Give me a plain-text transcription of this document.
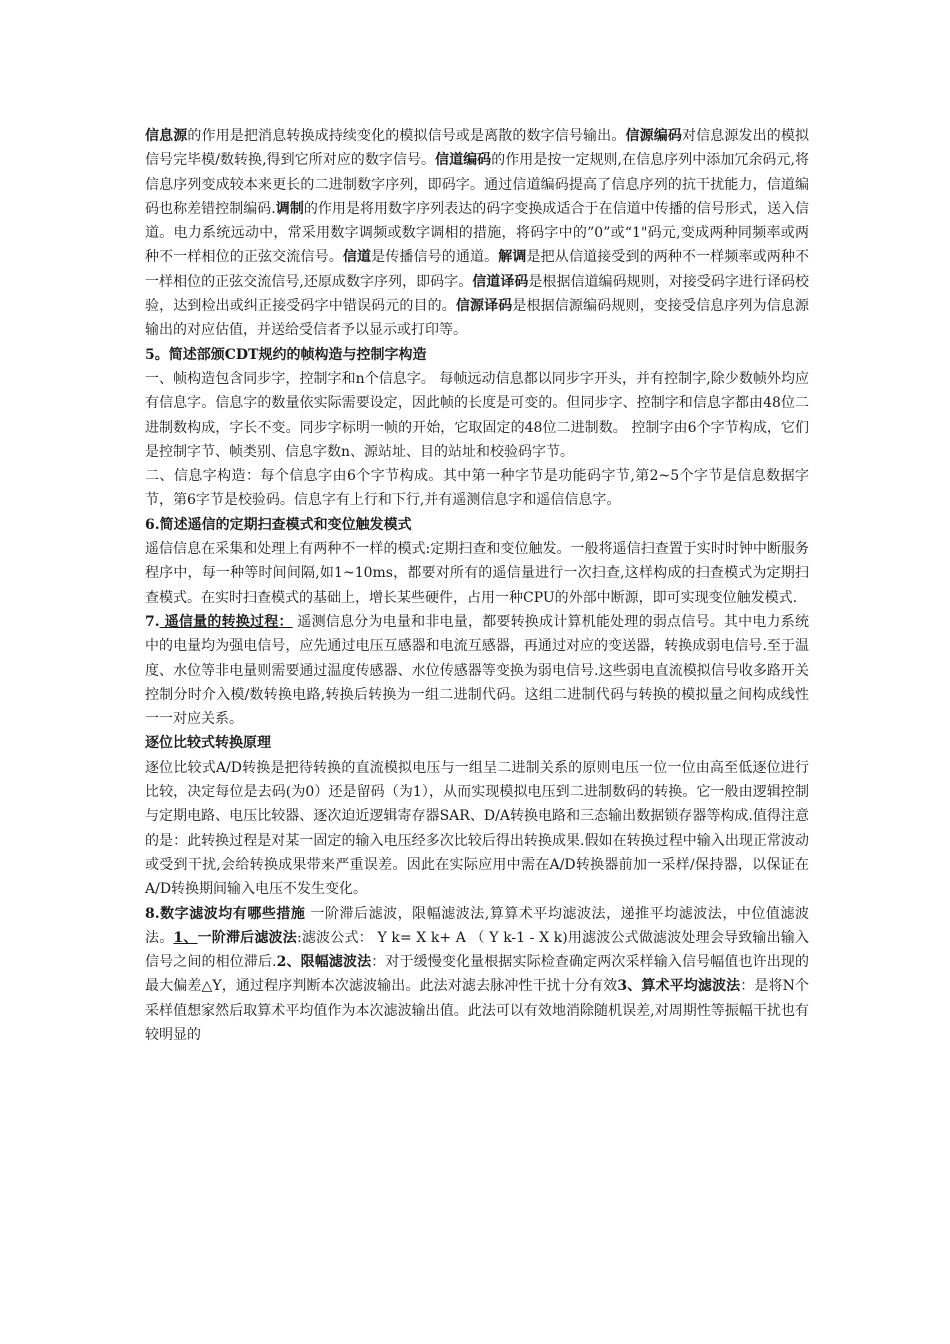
信息源的作用是把消息转换成持续变化的模拟信号或是离散的数字信号输出。信源编码对信息源发出的模拟信号完毕模/数转换,得到它所对应的数字信号。信道编码的作用是按一定规则,在信息序列中添加冗余码元,将信息序列变成较本来更长的二进制数字序列，即码字。通过信道编码提高了信息序列的抗干扰能力，信道编码也称差错控制编码.调制的作用是将用数字序列表达的码字变换成适合于在信道中传播的信号形式，送入信道。电力系统远动中，常采用数字调频或数字调相的措施，将码字中的”0”或“1"码元,变成两种同频率或两种不一样相位的正弦交流信号。信道是传播信号的通道。解调是把从信道接受到的两种不一样频率或两种不一样相位的正弦交流信号,还原成数字序列，即码字。信道译码是根据信道编码规则，对接受码字进行译码校验，达到检出或纠正接受码字中错误码元的目的。信源译码是根据信源编码规则，变接受信息序列为信息源输出的对应估值，并送给受信者予以显示或打印等。

5。简述部颁CDT规约的帧构造与控制字构造

一、帧构造包含同步字，控制字和n个信息字。 每帧远动信息都以同步字开头，并有控制字,除少数帧外均应有信息字。信息字的数量依实际需要设定，因此帧的长度是可变的。但同步字、控制字和信息字都由48位二进制数构成，字长不变。同步字标明一帧的开始，它取固定的48位二进制数。 控制字由6个字节构成，它们是控制字节、帧类别、信息字数n、源站址、目的站址和校验码字节。

二、信息字构造：每个信息字由6个字节构成。其中第一种字节是功能码字节,第2~5个字节是信息数据字节，第6字节是校验码。信息字有上行和下行,并有遥测信息字和遥信信息字。

6.简述遥信的定期扫查模式和变位触发模式

遥信信息在采集和处理上有两种不一样的模式:定期扫查和变位触发。一般将遥信扫查置于实时时钟中断服务程序中，每一种等时间间隔,如1~10ms，都要对所有的遥信量进行一次扫查,这样构成的扫查模式为定期扫查模式。在实时扫查模式的基础上，增长某些硬件，占用一种CPU的外部中断源，即可实现变位触发模式.

7. 遥信量的转换过程： 遥测信息分为电量和非电量，都要转换成计算机能处理的弱点信号。其中电力系统中的电量均为强电信号，应先通过电压互感器和电流互感器，再通过对应的变送器，转换成弱电信号.至于温度、水位等非电量则需要通过温度传感器、水位传感器等变换为弱电信号.这些弱电直流模拟信号收多路开关控制分时介入模/数转换电路,转换后转换为一组二进制代码。这组二进制代码与转换的模拟量之间构成线性一一对应关系。

逐位比较式转换原理

逐位比较式A/D转换是把待转换的直流模拟电压与一组呈二进制关系的原则电压一位一位由高至低逐位进行比较，决定每位是去码(为0）还是留码（为1），从而实现模拟电压到二进制数码的转换。它一般由逻辑控制与定期电路、电压比较器、逐次迫近逻辑寄存器SAR、D/A转换电路和三态输出数据锁存器等构成.值得注意的是：此转换过程是对某一固定的输入电压经多次比较后得出转换成果.假如在转换过程中输入出现正常波动或受到干扰,会给转换成果带来严重误差。因此在实际应用中需在A/D转换器前加一采样/保持器，以保证在A/D转换期间输入电压不发生变化。

8.数字滤波均有哪些措施 一阶滞后滤波，限幅滤波法,算算术平均滤波法，递推平均滤波法，中位值滤波法。1、一阶滞后滤波法:滤波公式： Y k= X k+ A （ Y k-1 - X k)用滤波公式做滤波处理会导致输出输入信号之间的相位滞后.2、限幅滤波法：对于缓慢变化量根据实际检查确定两次采样输入信号幅值也许出现的最大偏差△Y，通过程序判断本次滤波输出。此法对滤去脉冲性干扰十分有效3、算术平均滤波法：是将N个采样值想家然后取算术平均值作为本次滤波输出值。此法可以有效地消除随机误差,对周期性等振幅干扰也有较明显的
